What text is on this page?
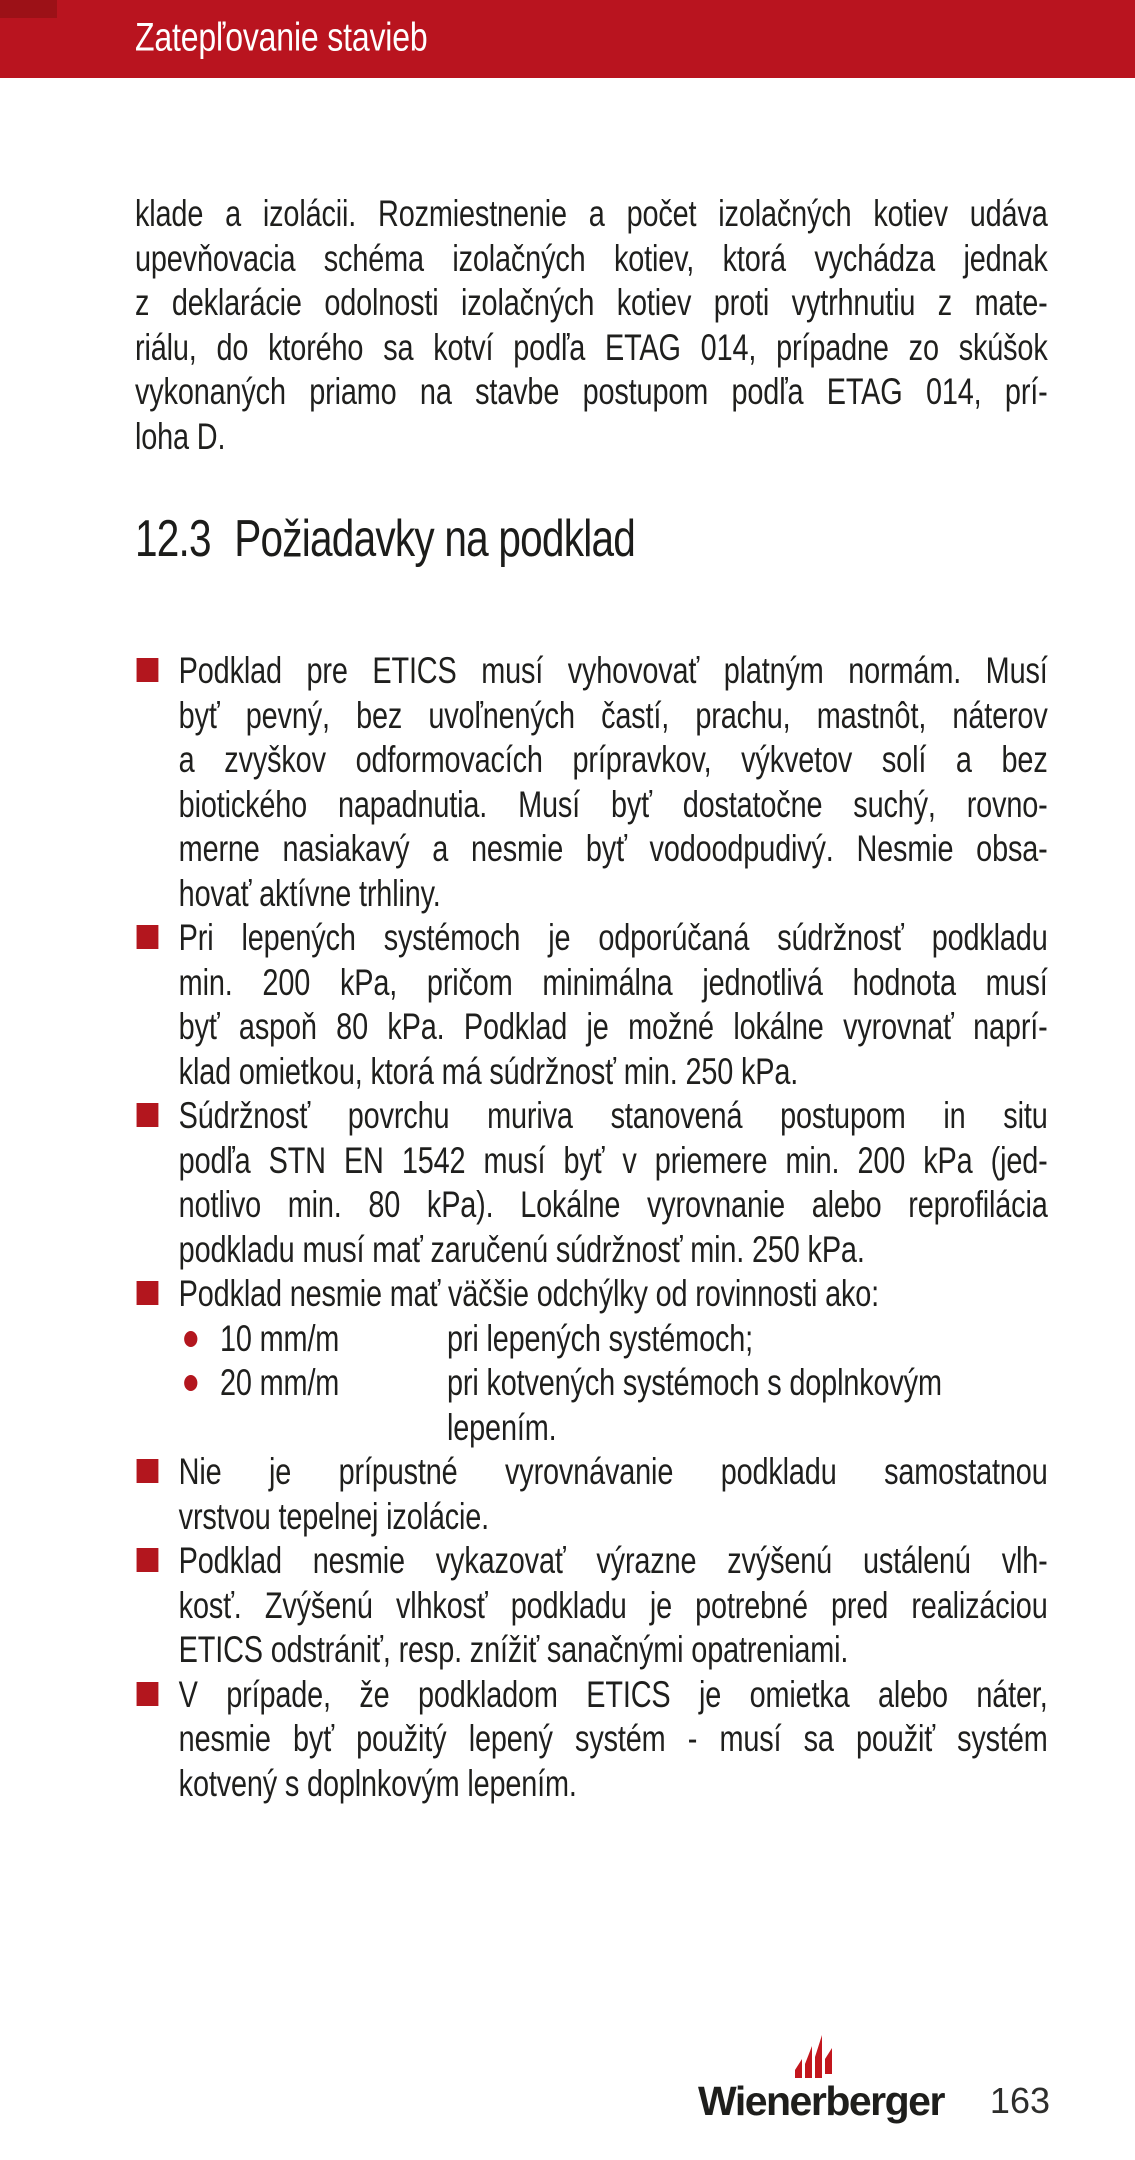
Zatepľovanie stavieb
klade a izolácii. Rozmiestnenie a počet izolačných kotiev udáva
upevňovacia schéma izolačných kotiev, ktorá vychádza jednak
z deklarácie odolnosti izolačných kotiev proti vytrhnutiu z mate-
riálu, do ktorého sa kotví podľa ETAG 014, prípadne zo skúšok
vykonaných priamo na stavbe postupom podľa ETAG 014, prí-
loha D.
12.3 Požiadavky na podklad
Podklad pre ETICS musí vyhovovať platným normám. Musí
byť pevný, bez uvoľnených častí, prachu, mastnôt, náterov
a zvyškov odformovacích prípravkov, výkvetov solí a bez
biotického napadnutia. Musí byť dostatočne suchý, rovno-
merne nasiakavý a nesmie byť vodoodpudivý. Nesmie obsa-
hovať aktívne trhliny.
Pri lepených systémoch je odporúčaná súdržnosť podkladu
min. 200 kPa, pričom minimálna jednotlivá hodnota musí
byť aspoň 80 kPa. Podklad je možné lokálne vyrovnať naprí-
klad omietkou, ktorá má súdržnosť min. 250 kPa.
Súdržnosť povrchu muriva stanovená postupom in situ
podľa STN EN 1542 musí byť v priemere min. 200 kPa (jed-
notlivo min. 80 kPa). Lokálne vyrovnanie alebo reprofilácia
podkladu musí mať zaručenú súdržnosť min. 250 kPa.
Podklad nesmie mať väčšie odchýlky od rovinnosti ako:
10 mm/m	pri lepených systémoch;
20 mm/m	pri kotvených systémoch s doplnkovým
lepením.
Nie je prípustné vyrovnávanie podkladu samostatnou
vrstvou tepelnej izolácie.
Podklad nesmie vykazovať výrazne zvýšenú ustálenú vlh-
kosť. Zvýšenú vlhkosť podkladu je potrebné pred realizáciou
ETICS odstrániť, resp. znížiť sanačnými opatreniami.
V prípade, že podkladom ETICS je omietka alebo náter,
nesmie byť použitý lepený systém - musí sa použiť systém
kotvený s doplnkovým lepením.
Wienerberger 163
